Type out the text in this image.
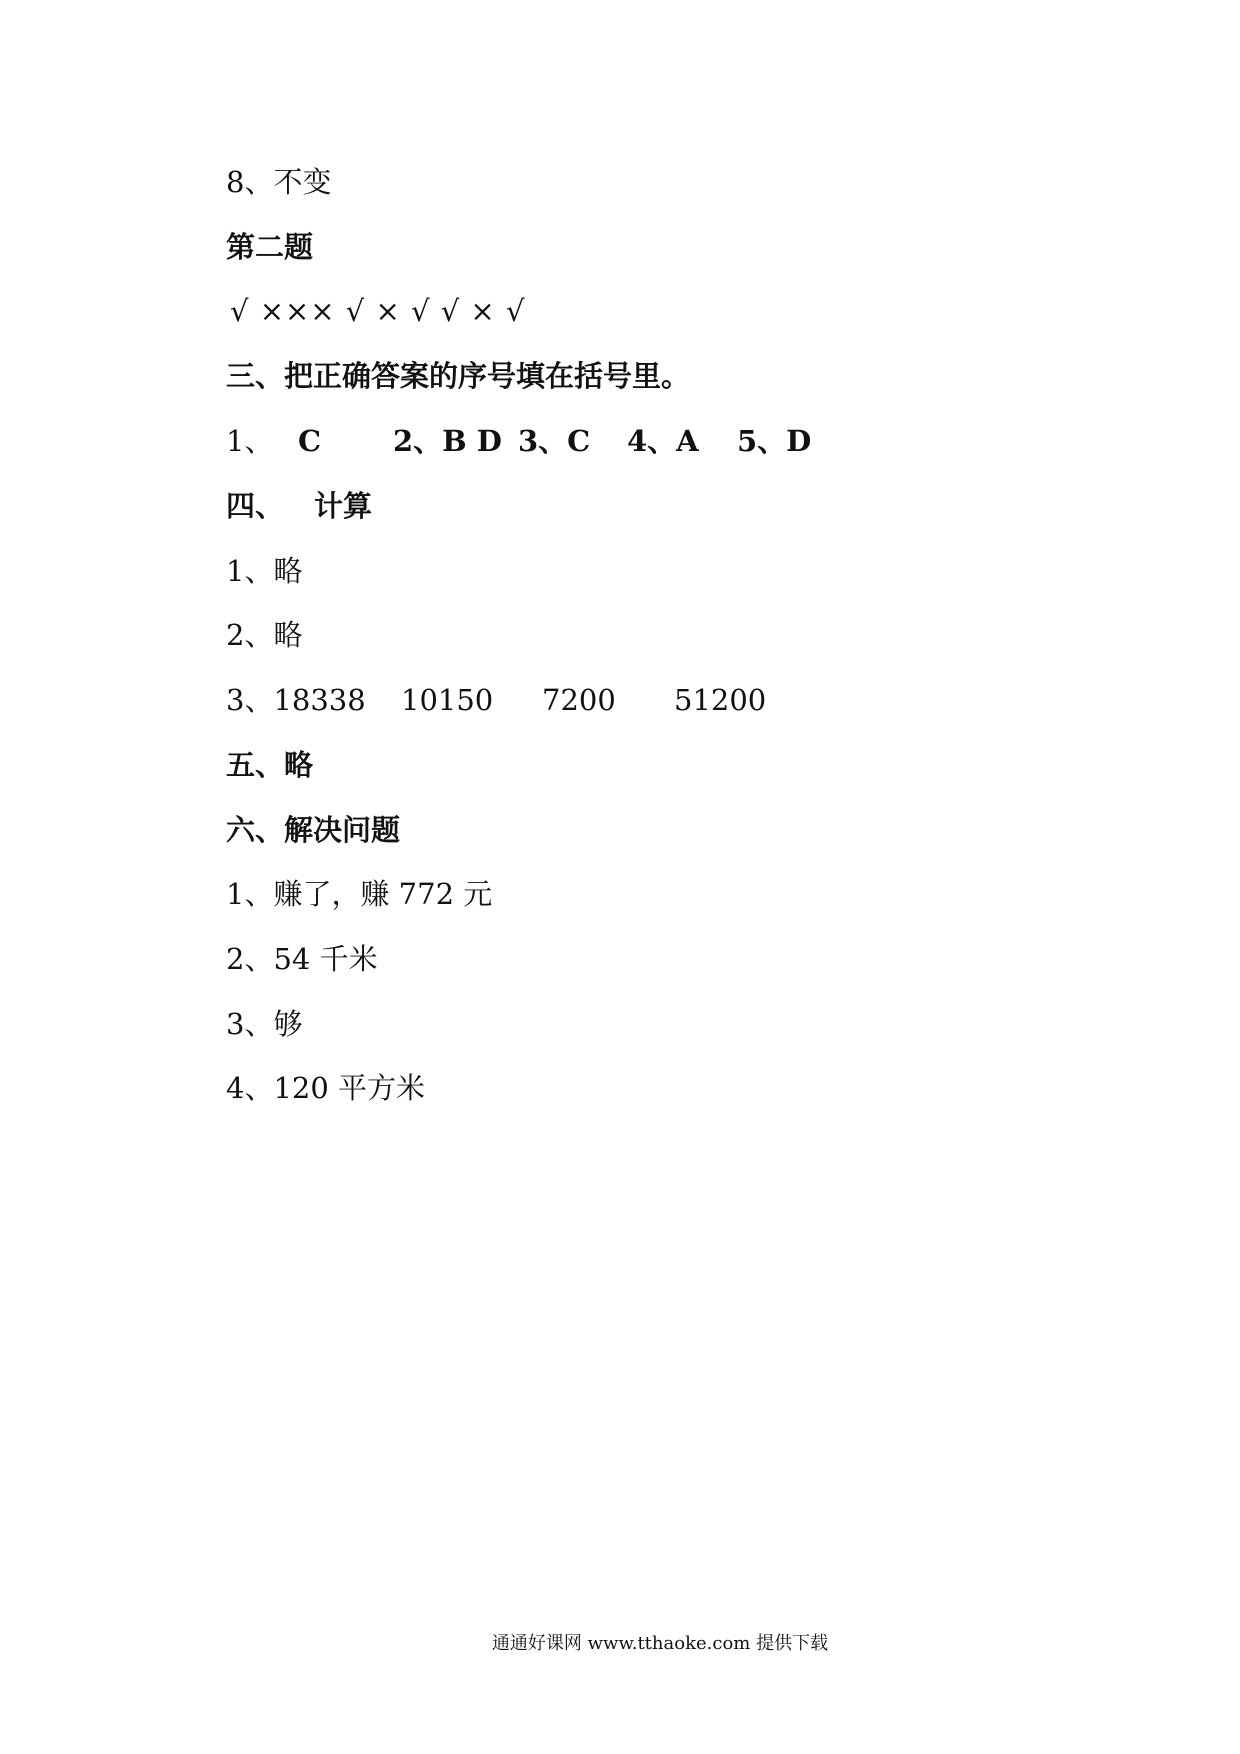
8、不变
第二题
√ ××× √ × √ √ × √
三、把正确答案的序号填在括号里。
1、 C 2、B D 3、C 4、A 5、D
四、 计算
1、略
2、略
3、18338 10150 7200 51200
五、略
六、解决问题
1、赚了，赚 772 元
2、54 千米
3、够
4、120 平方米
通通好课网 www.tthaoke.com 提供下载
